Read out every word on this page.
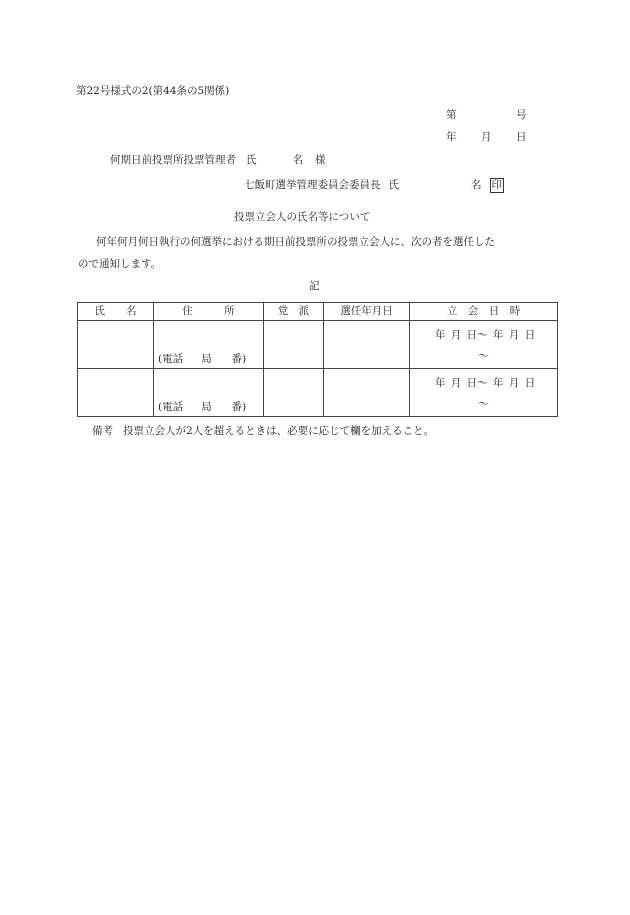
第22号様式の2(第44条の5関係)
第	号
年 月 日
何期日前投票所投票管理者 氏	名 様
七飯町選挙管理委員会委員長 氏	名 印
投票立会人の氏名等について
何年何月何日執行の何選挙における期日前投票所の投票立会人に、次の者を選任した
ので通知します。
記
氏　　名	住　　　所	党　派	選任年月日	立　会　日　時

	(電話 局 番)			年 月 日～ 年 月 日
～

	(電話 局 番)			年 月 日～ 年 月 日
～
備考 投票立会人が2人を超えるときは、必要に応じて欄を加えること。
